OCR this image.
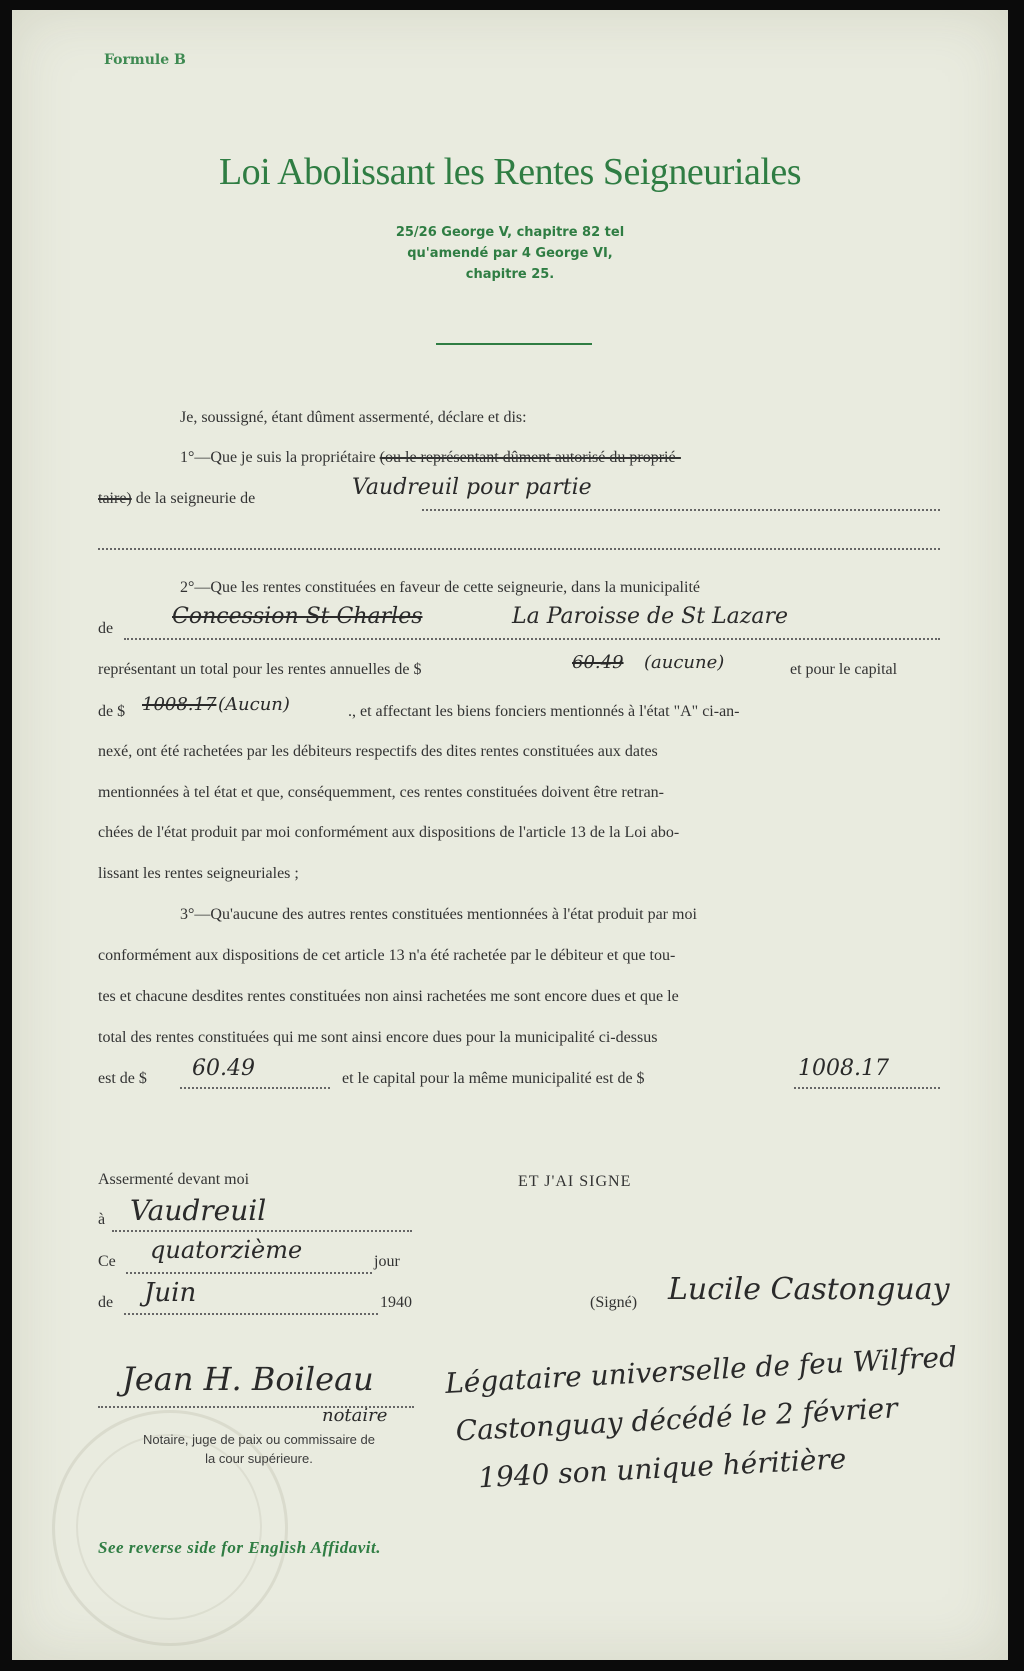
Formule B
Loi Abolissant les Rentes Seigneuriales
25/26 George V, chapitre 82 tel
qu'amendé par 4 George VI,
chapitre 25.
Je, soussigné, étant dûment assermenté, déclare et dis:
1°—Que je suis la propriétaire (ou le représentant dûment autorisé du proprié-
taire) de la seigneurie de	Vaudreuil pour partie
2°—Que les rentes constituées en faveur de cette seigneurie, dans la municipalité
de	Concession St Charles	La Paroisse de St Lazare
représentant un total pour les rentes annuelles de $	60.49 (aucune)	et pour le capital
de $ 1008.17 (Aucun)	., et affectant les biens fonciers mentionnés à l'état "A" ci-an-
nexé, ont été rachetées par les débiteurs respectifs des dites rentes constituées aux dates
mentionnées à tel état et que, conséquemment, ces rentes constituées doivent être retran-
chées de l'état produit par moi conformément aux dispositions de l'article 13 de la Loi abo-
lissant les rentes seigneuriales ;
3°—Qu'aucune des autres rentes constituées mentionnées à l'état produit par moi
conformément aux dispositions de cet article 13 n'a été rachetée par le débiteur et que tou-
tes et chacune desdites rentes constituées non ainsi rachetées me sont encore dues et que le
total des rentes constituées qui me sont ainsi encore dues pour la municipalité ci-dessus
est de $ 60.49	et le capital pour la même municipalité est de $	1008.17
Assermenté devant moi	ET J'AI SIGNE
à Vaudreuil
Ce quatorzième	jour
de Juin	1940	(Signé) Lucile Castonguay
Jean H. Boileau
notaire
Notaire, juge de paix ou commissaire de
la cour supérieure.
Légataire universelle de feu Wilfred
Castonguay décédé le 2 février
1940 son unique héritière
See reverse side for English Affidavit.
